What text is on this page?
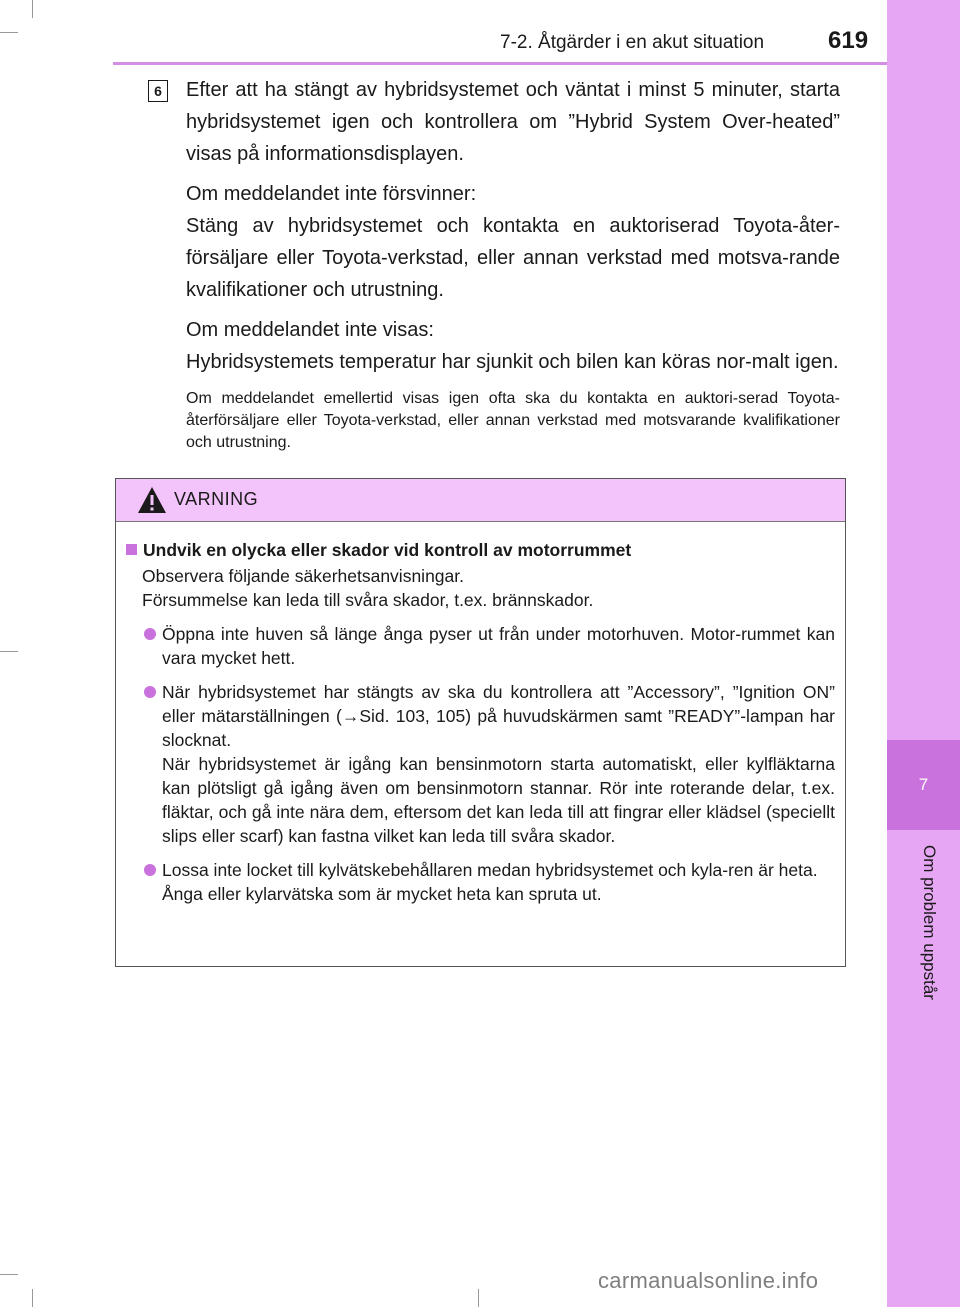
7
Om problem uppstår
7-2. Åtgärder i en akut situation	619
6	Efter att ha stängt av hybridsystemet och väntat i minst 5 minuter, starta hybridsystemet igen och kontrollera om ”Hybrid System Over-heated” visas på informationsdisplayen.

Om meddelandet inte försvinner:

Stäng av hybridsystemet och kontakta en auktoriserad Toyota-åter-försäljare eller Toyota-verkstad, eller annan verkstad med motsva-rande kvalifikationer och utrustning.

Om meddelandet inte visas:

Hybridsystemets temperatur har sjunkit och bilen kan köras nor-malt igen.

Om meddelandet emellertid visas igen ofta ska du kontakta en auktori-serad Toyota-återförsäljare eller Toyota-verkstad, eller annan verkstad med motsvarande kvalifikationer och utrustning.

VARNING
Undvik en olycka eller skador vid kontroll av motorrummet
Observera följande säkerhetsanvisningar.
Försummelse kan leda till svåra skador, t.ex. brännskador.
Öppna inte huven så länge ånga pyser ut från under motorhuven. Motor-rummet kan vara mycket hett.
När hybridsystemet har stängts av ska du kontrollera att ”Accessory”, ”Ignition ON” eller mätarställningen (→Sid. 103, 105) på huvudskärmen samt ”READY”-lampan har slocknat.
När hybridsystemet är igång kan bensinmotorn starta automatiskt, eller kylfläktarna kan plötsligt gå igång även om bensinmotorn stannar. Rör inte roterande delar, t.ex. fläktar, och gå inte nära dem, eftersom det kan leda till att fingrar eller klädsel (speciellt slips eller scarf) kan fastna vilket kan leda till svåra skador.
Lossa inte locket till kylvätskebehållaren medan hybridsystemet och kyla-ren är heta.
Ånga eller kylarvätska som är mycket heta kan spruta ut.
carmanualsonline.info
